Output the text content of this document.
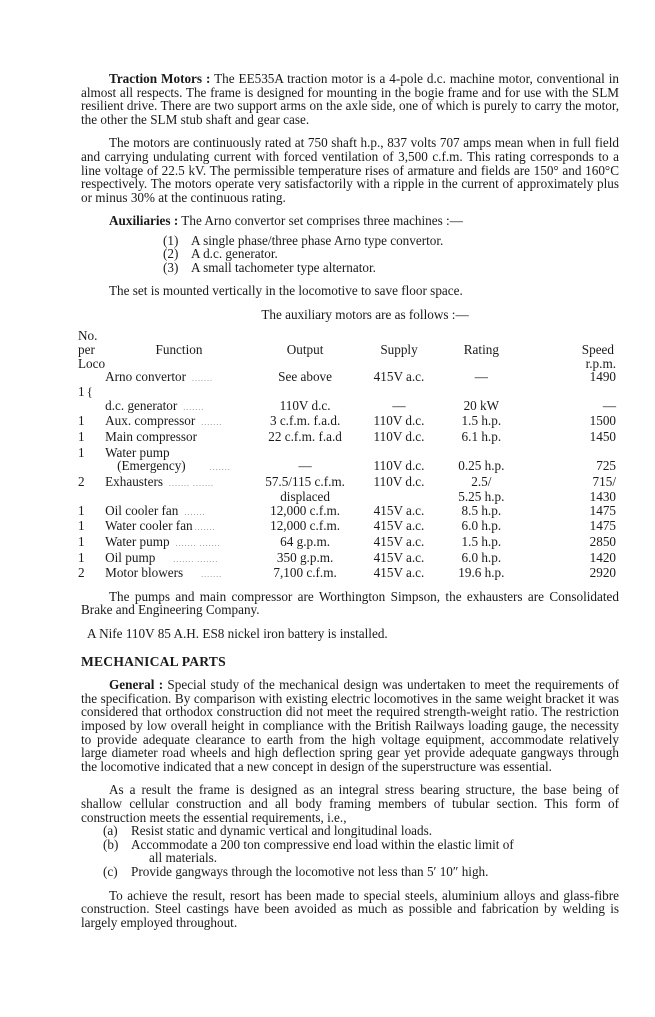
Traction Motors : The EE535A traction motor is a 4-pole d.c. machine motor, conventional in almost all respects. The frame is designed for mounting in the bogie frame and for use with the SLM resilient drive. There are two support arms on the axle side, one of which is purely to carry the motor, the other the SLM stub shaft and gear case.

The motors are continuously rated at 750 shaft h.p., 837 volts 707 amps mean when in full field and carrying undulating current with forced ventilation of 3,500 c.f.m. This rating corresponds to a line voltage of 22.5 kV. The permissible temperature rises of armature and fields are 150° and 160°C respectively. The motors operate very satisfactorily with a ripple in the current of approximately plus or minus 30% at the continuous rating.

Auxiliaries : The Arno convertor set comprises three machines :—

(1) A single phase/three phase Arno type convertor.
(2) A d.c. generator.
(3) A small tachometer type alternator.

The set is mounted vertically in the locomotive to save floor space.

The auxiliary motors are as follows :—

No.
per
Loco	Function	Output	Supply	Rating	Speed
r.p.m.
1 {	Arno convertor .......	See above	415V a.c.	—	1490

	d.c. generator .......	110V d.c.	—	20 kW	—
1	Aux. compressor .......	3 c.f.m. f.a.d.	110V d.c.	1.5 h.p.	1500
1	Main compressor	22 c.f.m. f.a.d	110V d.c.	6.1 h.p.	1450
1	Water pump				
	(Emergency) .......	—	110V d.c.	0.25 h.p.	725
2	Exhausters ....... .......	57.5/115 c.f.m.	110V d.c.	2.5/	715/
		displaced		5.25 h.p.	1430
1	Oil cooler fan .......	12,000 c.f.m.	415V a.c.	8.5 h.p.	1475
1	Water cooler fan .......	12,000 c.f.m.	415V a.c.	6.0 h.p.	1475
1	Water pump ....... .......	64 g.p.m.	415V a.c.	1.5 h.p.	2850
1	Oil pump ....... .......	350 g.p.m.	415V a.c.	6.0 h.p.	1420
2	Motor blowers .......	7,100 c.f.m.	415V a.c.	19.6 h.p.	2920

The pumps and main compressor are Worthington Simpson, the exhausters are Consolidated Brake and Engineering Company.

A Nife 110V 85 A.H. ES8 nickel iron battery is installed.

MECHANICAL PARTS

General : Special study of the mechanical design was undertaken to meet the requirements of the specification. By comparison with existing electric locomotives in the same weight bracket it was considered that orthodox construction did not meet the required strength-weight ratio. The restriction imposed by low overall height in compliance with the British Railways loading gauge, the necessity to provide adequate clearance to earth from the high voltage equipment, accommodate relatively large diameter road wheels and high deflection spring gear yet provide adequate gangways through the locomotive indicated that a new concept in design of the superstructure was essential.

As a result the frame is designed as an integral stress bearing structure, the base being of shallow cellular construction and all body framing members of tubular section. This form of construction meets the essential requirements, i.e.,

(a)	Resist static and dynamic vertical and longitudinal loads.
(b) Accommodate a 200 ton compressive end load within the elastic limit of
all materials.
(c)	Provide gangways through the locomotive not less than 5′ 10″ high.

To achieve the result, resort has been made to special steels, aluminium alloys and glass-fibre construction. Steel castings have been avoided as much as possible and fabrication by welding is largely employed throughout.
